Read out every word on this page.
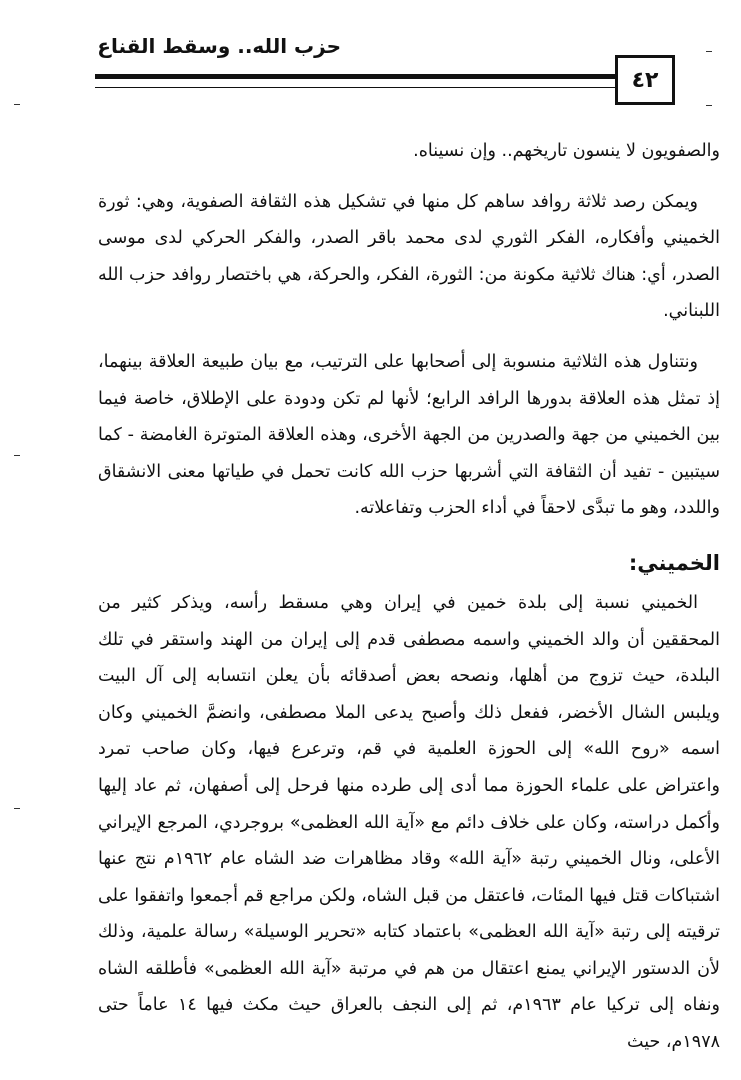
حزب الله.. وسقط القناع
٤٢

والصفويون لا ينسون تاريخهم.. وإن نسيناه.

ويمكن رصد ثلاثة روافد ساهم كل منها في تشكيل هذه الثقافة الصفوية، وهي: ثورة الخميني وأفكاره، الفكر الثوري لدى محمد باقر الصدر، والفكر الحركي لدى موسى الصدر، أي: هناك ثلاثية مكونة من: الثورة، الفكر، والحركة، هي باختصار روافد حزب الله اللبناني.

ونتناول هذه الثلاثية منسوبة إلى أصحابها على الترتيب، مع بيان طبيعة العلاقة بينهما، إذ تمثل هذه العلاقة بدورها الرافد الرابع؛ لأنها لم تكن ودودة على الإطلاق، خاصة فيما بين الخميني من جهة والصدرين من الجهة الأخرى، وهذه العلاقة المتوترة الغامضة - كما سيتبين - تفيد أن الثقافة التي أشربها حزب الله كانت تحمل في طياتها معنى الانشقاق واللدد، وهو ما تبدَّى لاحقاً في أداء الحزب وتفاعلاته.

الخميني:

الخميني نسبة إلى بلدة خمين في إيران وهي مسقط رأسه، ويذكر كثير من المحققين أن والد الخميني واسمه مصطفى قدم إلى إيران من الهند واستقر في تلك البلدة، حيث تزوج من أهلها، ونصحه بعض أصدقائه بأن يعلن انتسابه إلى آل البيت ويلبس الشال الأخضر، ففعل ذلك وأصبح يدعى الملا مصطفى، وانضمَّ الخميني وكان اسمه «روح الله» إلى الحوزة العلمية في قم، وترعرع فيها، وكان صاحب تمرد واعتراض على علماء الحوزة مما أدى إلى طرده منها فرحل إلى أصفهان، ثم عاد إليها وأكمل دراسته، وكان على خلاف دائم مع «آية الله العظمى» بروجردي، المرجع الإيراني الأعلى، ونال الخميني رتبة «آية الله» وقاد مظاهرات ضد الشاه عام ١٩٦٢م نتج عنها اشتباكات قتل فيها المئات، فاعتقل من قبل الشاه، ولكن مراجع قم أجمعوا واتفقوا على ترقيته إلى رتبة «آية الله العظمى» باعتماد كتابه «تحرير الوسيلة» رسالة علمية، وذلك لأن الدستور الإيراني يمنع اعتقال من هم في مرتبة «آية الله العظمى» فأطلقه الشاه ونفاه إلى تركيا عام ١٩٦٣م، ثم إلى النجف بالعراق حيث مكث فيها ١٤ عاماً حتى ١٩٧٨م، حيث
